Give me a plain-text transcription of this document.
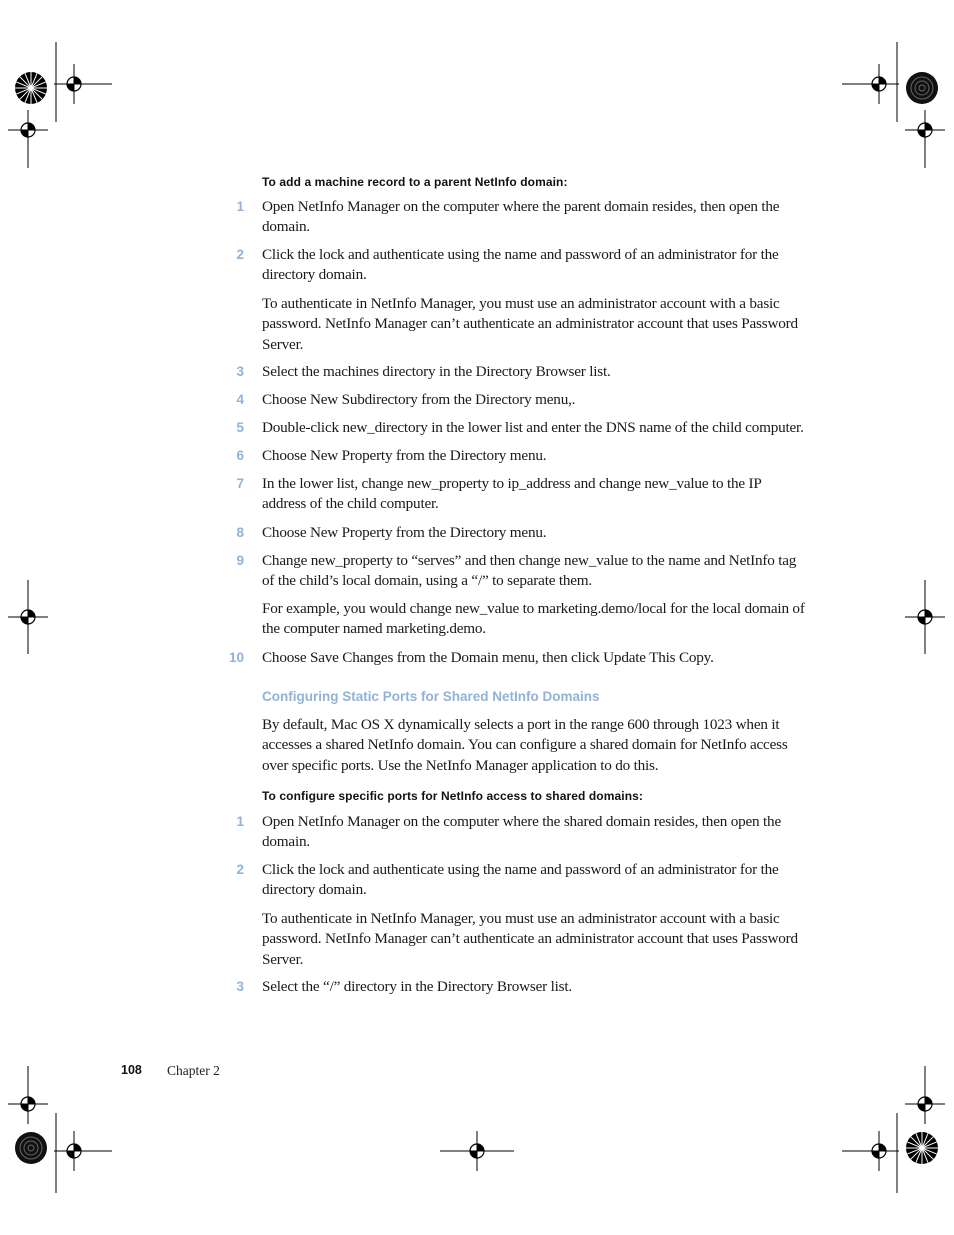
To add a machine record to a parent NetInfo domain:
1 Open NetInfo Manager on the computer where the parent domain resides, then open the domain.
2 Click the lock and authenticate using the name and password of an administrator for the directory domain.
To authenticate in NetInfo Manager, you must use an administrator account with a basic password. NetInfo Manager can’t authenticate an administrator account that uses Password Server.
3 Select the machines directory in the Directory Browser list.
4 Choose New Subdirectory from the Directory menu,.
5 Double-click new_directory in the lower list and enter the DNS name of the child computer.
6 Choose New Property from the Directory menu.
7 In the lower list, change new_property to ip_address and change new_value to the IP address of the child computer.
8 Choose New Property from the Directory menu.
9 Change new_property to “serves” and then change new_value to the name and NetInfo tag of the child’s local domain, using a “/” to separate them.
For example, you would change new_value to marketing.demo/local for the local domain of the computer named marketing.demo.
10 Choose Save Changes from the Domain menu, then click Update This Copy.
Configuring Static Ports for Shared NetInfo Domains
By default, Mac OS X dynamically selects a port in the range 600 through 1023 when it accesses a shared NetInfo domain. You can configure a shared domain for NetInfo access over specific ports. Use the NetInfo Manager application to do this.
To configure specific ports for NetInfo access to shared domains:
1 Open NetInfo Manager on the computer where the shared domain resides, then open the domain.
2 Click the lock and authenticate using the name and password of an administrator for the directory domain.
To authenticate in NetInfo Manager, you must use an administrator account with a basic password. NetInfo Manager can’t authenticate an administrator account that uses Password Server.
3 Select the “/” directory in the Directory Browser list.
108 Chapter 2
